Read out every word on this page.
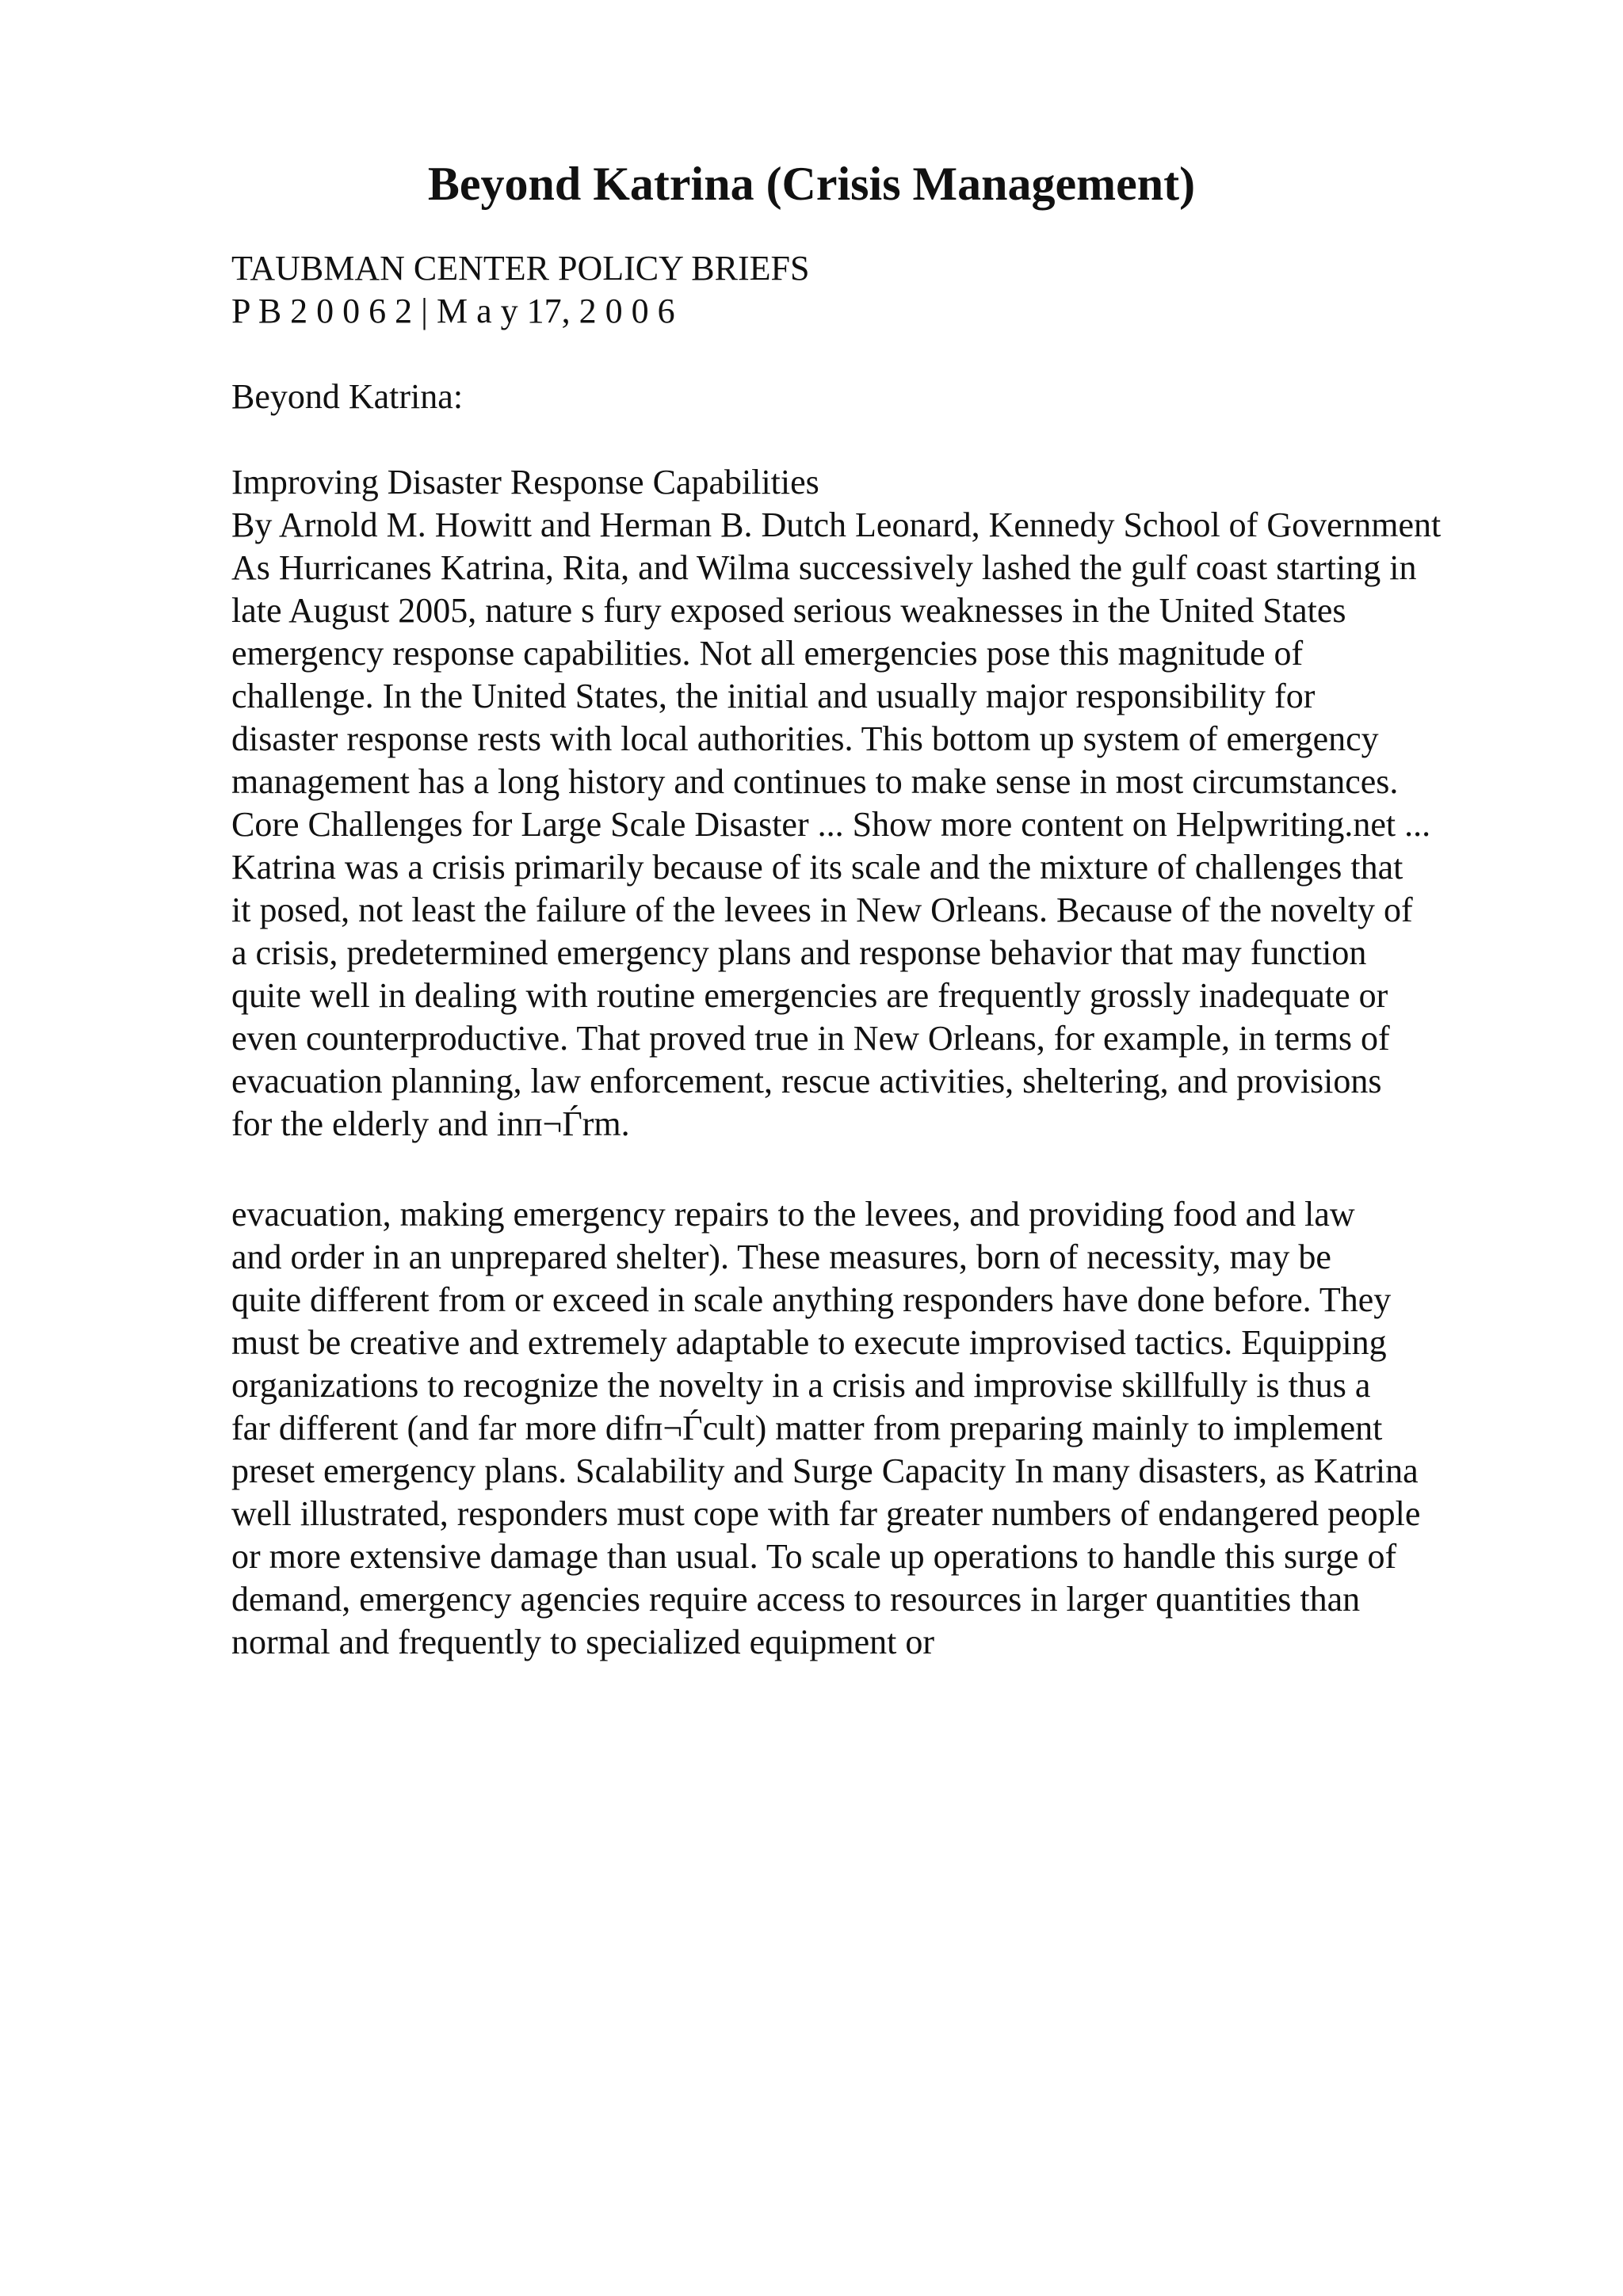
Beyond Katrina (Crisis Management)

TAUBMAN CENTER POLICY BRIEFS

P B 2 0 0 6 2 | M a y 17, 2 0 0 6

Beyond Katrina:

Improving Disaster Response Capabilities

By Arnold M. Howitt and Herman B. Dutch Leonard, Kennedy School of Government

As Hurricanes Katrina, Rita, and Wilma successively lashed the gulf coast starting in

late August 2005, nature s fury exposed serious weaknesses in the United States

emergency response capabilities. Not all emergencies pose this magnitude of

challenge. In the United States, the initial and usually major responsibility for

disaster response rests with local authorities. This bottom up system of emergency

management has a long history and continues to make sense in most circumstances.

Core Challenges for Large Scale Disaster ... Show more content on Helpwriting.net ...

Katrina was a crisis primarily because of its scale and the mixture of challenges that

it posed, not least the failure of the levees in New Orleans. Because of the novelty of

a crisis, predetermined emergency plans and response behavior that may function

quite well in dealing with routine emergencies are frequently grossly inadequate or

even counterproductive. That proved true in New Orleans, for example, in terms of

evacuation planning, law enforcement, rescue activities, sheltering, and provisions

for the elderly and inп¬Ѓrm.

evacuation, making emergency repairs to the levees, and providing food and law

and order in an unprepared shelter). These measures, born of necessity, may be

quite different from or exceed in scale anything responders have done before. They

must be creative and extremely adaptable to execute improvised tactics. Equipping

organizations to recognize the novelty in a crisis and improvise skillfully is thus a

far different (and far more difп¬Ѓcult) matter from preparing mainly to implement

preset emergency plans. Scalability and Surge Capacity In many disasters, as Katrina

well illustrated, responders must cope with far greater numbers of endangered people

or more extensive damage than usual. To scale up operations to handle this surge of

demand, emergency agencies require access to resources in larger quantities than

normal and frequently to specialized equipment or
